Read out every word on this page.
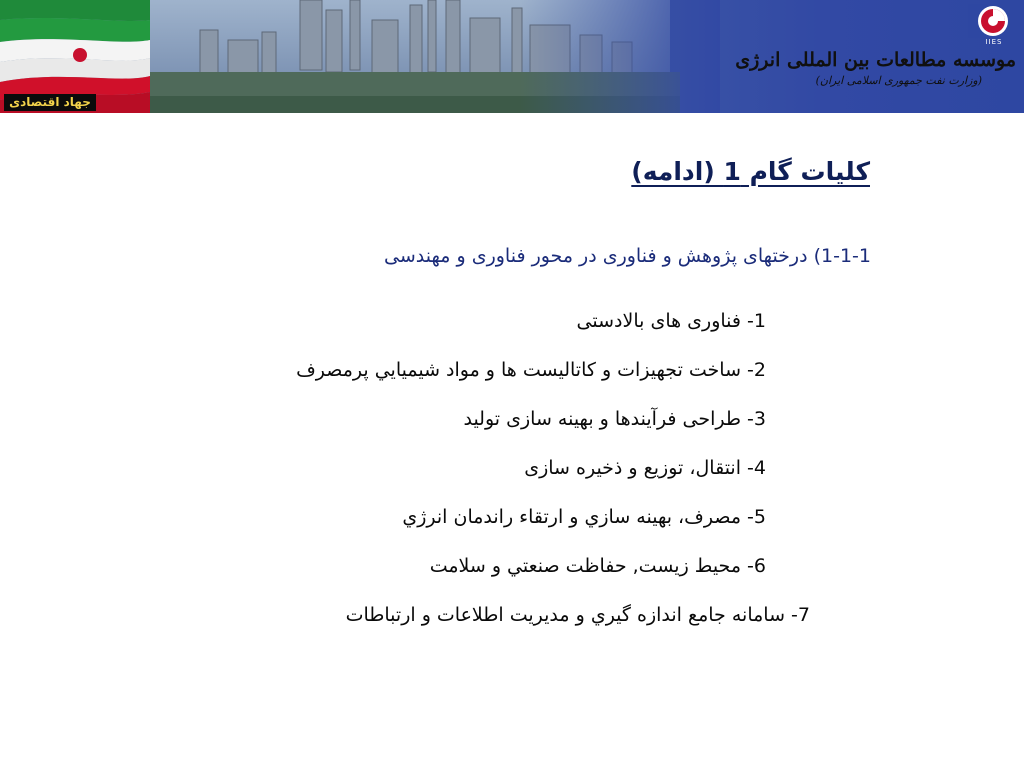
جهاد اقتصادی
IIES
موسسه مطالعات بین المللی انرژی
(وزارت نفت جمهوری اسلامی ایران)
کلیات گام 1 (ادامه)
1-1-1) درختهای پژوهش و فناوری در محور فناوری و مهندسی
1- فناوری های بالادستی
2- ساخت تجهیزات و کاتالیست ها و مواد شیمیایي پرمصرف
3- طراحی فرآیندها و بهینه سازی تولید
4- انتقال، توزیع و ذخیره سازی
5- مصرف، بهینه سازي و ارتقاء راندمان انرژي
6- محیط زیست, حفاظت صنعتي و سلامت
7- سامانه جامع اندازه گیري و مدیریت اطلاعات و ارتباطات
